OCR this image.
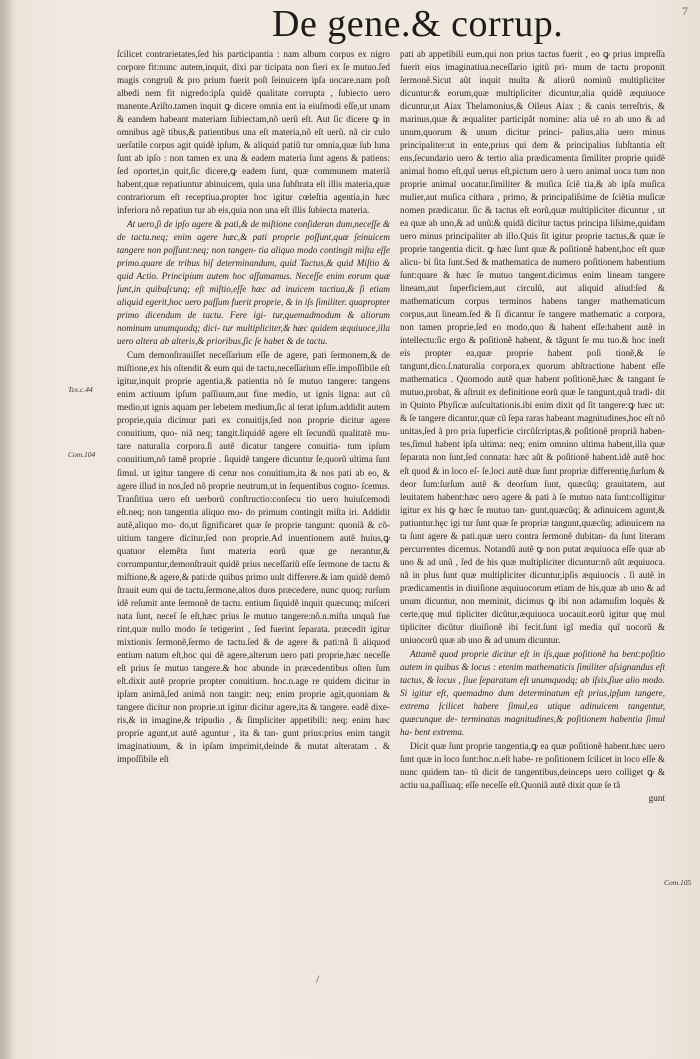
De gene.& corrup.	7
Tex.c.44
Com.104
Com.105

ſcilicet contrarietates,ſed his participantia : nam album corpus ex nigro corpore fit:nunc autem,inquit, dixi par ticipata non fieri ex ſe mutuo.ſed magis congruũ & pro prium fuerit poſt ſeinuicem ipſa uocare.nam poſt albedi nem fit nigredo:ipſa quidẽ qualitate corrupta , ſubiecto uero manente.Ariſto.tamen inquit ꝙ dicere omnia ent ia eiuſmodi eſſe,ut unam & eandem habeant materiam ſubiectam,nõ uerũ eſt. Aut ſic dicere ꝙ in omnibus agẽ tibus,& patientibus una eſt materia,nõ eſt uerũ. nã cir culo uerſatile corpus agit quidẽ ipſum, & aliquid patiũ tur omnia,quæ ſub luna ſunt ab ipſo : non tamen ex una & eadem materia ſunt agens & patiens: ſed oportet,in quit,ſic dicere,ꝙ eadem ſunt, quæ communem materiã habent,quæ repatiuntur abinuicem, quia una ſubſtrata eſt illis materia,quæ contrariorum eſt receptiua.propter hoc igitur cœleſtia agentia,in hæc inferiora nõ repatiun tur ab eis,quia non una eſt illis ſubiecta materia.

At uero,ſi de ipſo agere & pati,& de miſtione conſideran dum,neceſſe & de tactu.neq; enim agere hæc,& pati proprie poſſunt,quæ ſeinuicem tangere non poſſunt:neq; non tangen- tia aliquo modo contingit miſta eſſe primo.quare de tribus hiſ determinandum, quid Tactus,& quid Miſtio & quid Actio. Principium autem hoc aſſumamus. Neceſſe enim eorum quæ ſunt,in quibuſcunq; eſt miſtio,eſſe hæc ad inuicem tactiua,& ſi etiam aliquid egerit,hoc uero paſſum fuerit proprie, & in iſs ſimiliter. quapropter primo dicendum de tactu. Fere igi- tur,quemadmodum & aliorum nominum unumquodq; dici- tur multipliciter,& hæc quidem æquiuoce,illa uero altera ab alteris,& prioribus,ſic ſe habet & de tactu.

Cum demonſtrauiſſet neceſſarium eſſe de agere, pati ſermonem,& de miſtione,ex his oſtendit & eum qui de tactu,neceſſarium eſſe.impoſſibile eſt igitur,inquit proprie agentia,& patientia nõ ſe mutuo tangere: tangens enim actiuum ipſum paſſiuum,aut fine medio, ut ignis ligna: aut cũ medio,ut ignis aquam per lebetem medium,ſic al terat ipſum.addidit autem proprie,quia dicimur pati ex conuitijs,ſed non proprie dicitur agere conuitium, quo- niã neq; tangit.liquidẽ agere eſt ſecundũ qualitatẽ mu- tare naturalia corpora.ſi autẽ dicatur tangere conuitia- tum ipſum conuitium,nõ tamẽ proprie . ſiquidẽ tangere dicuntur ſe,quorũ ultima ſunt ſimul. ut igitur tangere di cetur nos conuitium,ita & nos pati ab eo, & agere illud in nos,ſed nõ proprie neutrum,ut in ſequentibus cogno- ſcemus. Tranſitiua uero eſt uerborũ conſtructio:conſecu tio uero huiuſcemodi eſt.neq; non tangentia aliquo mo- do primum contingit miſta iri. Addidit autẽ,aliquo mo- do,ut ſignificaret quæ ſe proprie tangunt: quoniã & cõ- uitium tangere dicitur,ſed non proprie.Ad inuentionem autẽ huius,ꝙ quatuor elemẽta ſunt materia eorũ quæ ge nerantur,& corrumpuntur,demonſtrauit quidẽ prius neceſſariũ eſſe ſermone de tactu & miſtione,& agere,& pati:de quibus primo uult differere.& iam quidẽ demõ ſtrauit eum qui de tactu,ſermone,altos duos præcedere, nunc quoq; rurſum idẽ reſumit ante ſermonẽ de tactu. entium ſiquidẽ inquit quæcunq; miſceri nata ſunt, neceſ ſe eſt,hæc prius ſe mutuo tangere:nõ.n.miſta unquã fue rint,quæ nullo modo ſe tetigerint , ſed fuerint ſeparata. præcedit igitur mixtionis ſermonẽ,ſermo de tactu.ſed & de agere & pati:nã ſi aliquod entium natum eſt,hoc qui dẽ agere,alterum uero pati proprie,hæc neceſſe eſt prius ſe mutuo tangere.& hoc abunde in præcedentibus oſten ſum eſt.dixit autẽ proprie propter conuitium. hoc.n.age re quidem dicitur in ipſam animã,ſed animã non tangit: neq; enim proprie agit,quoniam & tangere dicitur non proprie.ut igitur dicitur agere,ita & tangere. eadẽ dixe- ris,& in imagine,& tripudio , & ſimpliciter appetibili: neq; enim hæc proprie agunt,ut autẽ aguntur , ita & tan- gunt prius:prius enim tangit imaginatiuum, & in ipſam imprimit,deinde & mutat alteratam . & impoſſibile eſt

pati ab appetibili eum,qui non prius tactus fuerit , eo ꝙ prius impreſſa fuerit eius imaginatiua.neceſſario igitũ pri- mum de tactu proponit ſermonẽ.Sicut aũt inquit multa & aliorũ nominũ multipliciter dicuntur:& eorum,quæ multipliciter dicuntur,alia quidẽ æquiuoce dicuntur,ut Aiax Thelamonius,& Oileus Aiax ; & canis terreſtris, & marinus,quæ & æqualiter participãt nomine: alia uẽ ro ab uno & ad unum,quorum & unum dicitur princi- palius,alia uero minus principaliter:ut in ente,prius qui dem & principalius ſubſtantia eſt ens,ſecundario uero & tertio alia prædicamenta ſimiliter proprie quidẽ animal homo eſt,quĩ uerus eſt,pictum uero à uero animal uoca tum non proprie animal uocatur.ſimiliter & muſica ſciẽ tia,& ab ipſa muſica mulier,aut muſica cithara , primo, & principaliſsime de ſciẽtia muſicæ nomen prædicatur. ſic & tactus eſt eorũ,quæ multipliciter dicuntur , ut ea quæ ab uno,& ad unũ:& quidã dicitur tactus principa liſsime,quidam uero minus principaliter ab illo.Quis ſit igitur proprie tactus,& quæ ſe proprie tangentia dicit. ꝙ hæc ſunt quæ & poſitionẽ habent,hoc eſt quæ alicu- bi ſita ſunt.Sed & mathematica de numero poſitionem habentium ſunt:quare & hæc ſe mutuo tangent.dicimus enim lineam tangere lineam,aut ſuperficiem,aut circulũ, aut aliquid aliud:ſed & mathematicum corpus terminos habens tanger mathematicum corpus,aut lineam.ſed & ſi dicantur ſe tangere mathematic a corpora, non tamen proprie,ſed eo modo,quo & habent eſſe:habent autẽ in intellectu:ſic ergo & poſitionẽ habent, & tãgunt ſe mu tuo.& hoc ineſt eis propter ea,quæ proprie habent poſi tionẽ,& ſe tangunt,dico.ſ.naturalia corpora,ex quorum abſtractione habent eſſe mathematica . Quomodo autẽ quæ habent poſitionẽ,hæc & tangant ſe mutuo,probat, & aſtruit ex definitione eorũ quæ ſe tangunt,quã tradi- dit in Quinto Phyſicæ auſcultationis.ibi enim dixit qd ſit tangere:ꝙ hæc ut: & ſe tangere dicantur,quæ cũ ſepa raras habeant magnitudines,hoc eſt nõ unitas,ſed à pro pria ſuperficie circũſcriptas,& poſitionẽ propriã haben- tes,ſimul habent ipſa ultima: neq; enim omnino ultima habent,illa quæ ſeparata non ſunt,ſed connata: hæc aũt & poſitionẽ habent.idẽ autẽ hoc eſt quod & in loco eſ- ſe.loci autẽ duæ ſunt propriæ differentię,ſurſum & deor ſum:ſurſum autẽ & deorſum ſunt, quæcũq; grauitatem, aut leuitatem habent:hæc uero agere & pati à ſe mutuo nata ſunt:colligitur igitur ex his ꝙ hæc ſe mutuo tan- gunt,quæcũq; & adinuicem agunt,& patiuntur.hęc igi tur ſunt quæ ſe propriæ tangunt,quæcũq; adinuicem na ta ſunt agere & pati.quæ uero contra ſermonẽ dubitan- da ſunt literam percurrentes dicemus. Notandũ autẽ ꝙ non putat æquiuoca eſſe quæ ab uno & ad unũ , ſed de his quæ multipliciter dicuntur:nõ aũt æquiuoca. nã in plus ſunt quæ multipliciter dicuntur,ipſis æquiuocis . ſi autẽ in prædicamentis in diuiſione æquiuocorum etiam de his,quæ ab uno & ad unum dicuntur, non meminit, dicimus ꝙ ibi non adamuſim loquẽs & certe,quę mul tipliciter dicũtur,æquiuoca uocauit.eorũ igitur quę mul tipliciter dicũtur diuiſionẽ ibi fecit.ſunt igĩ media quĩ uocorũ & uniuocorũ quæ ab uno & ad unum dicuntur.

Attamẽ quod proprie dicitur eſt in iſs,quæ poſitionẽ ha bent:poſitio autem in quibus & locus : etenim mathematicis ſimiliter aſsignandus eſt tactus, & locus , ſiue ſeparatum eſt unumquodq; ab iſsis,ſiue alio modo. Si igitur eſt, quemadmo dum determinatum eſt prius,ipſum tangere, extrema ſcilicet habere ſimul,ea utique adinuicem tangentur, quæcunque de- terminatas magnitudines,& poſitionem habentia ſimul ha- bent extrema.

Dicit quæ ſunt proprie tangentia,ꝙ ea quæ poſitionẽ habent.hæc uero ſunt quæ in loco ſunt:hoc.n.eſt habe- re poſitionem ſcilicet in loco eſſe & nunc quidem tan- tũ dicit de tangentibus,deinceps uero colliget ꝙ & actiu ua,paſſiuaq; eſſe neceſſe eſt.Quoniã autẽ dixit quæ ſe tã

gunt

/
